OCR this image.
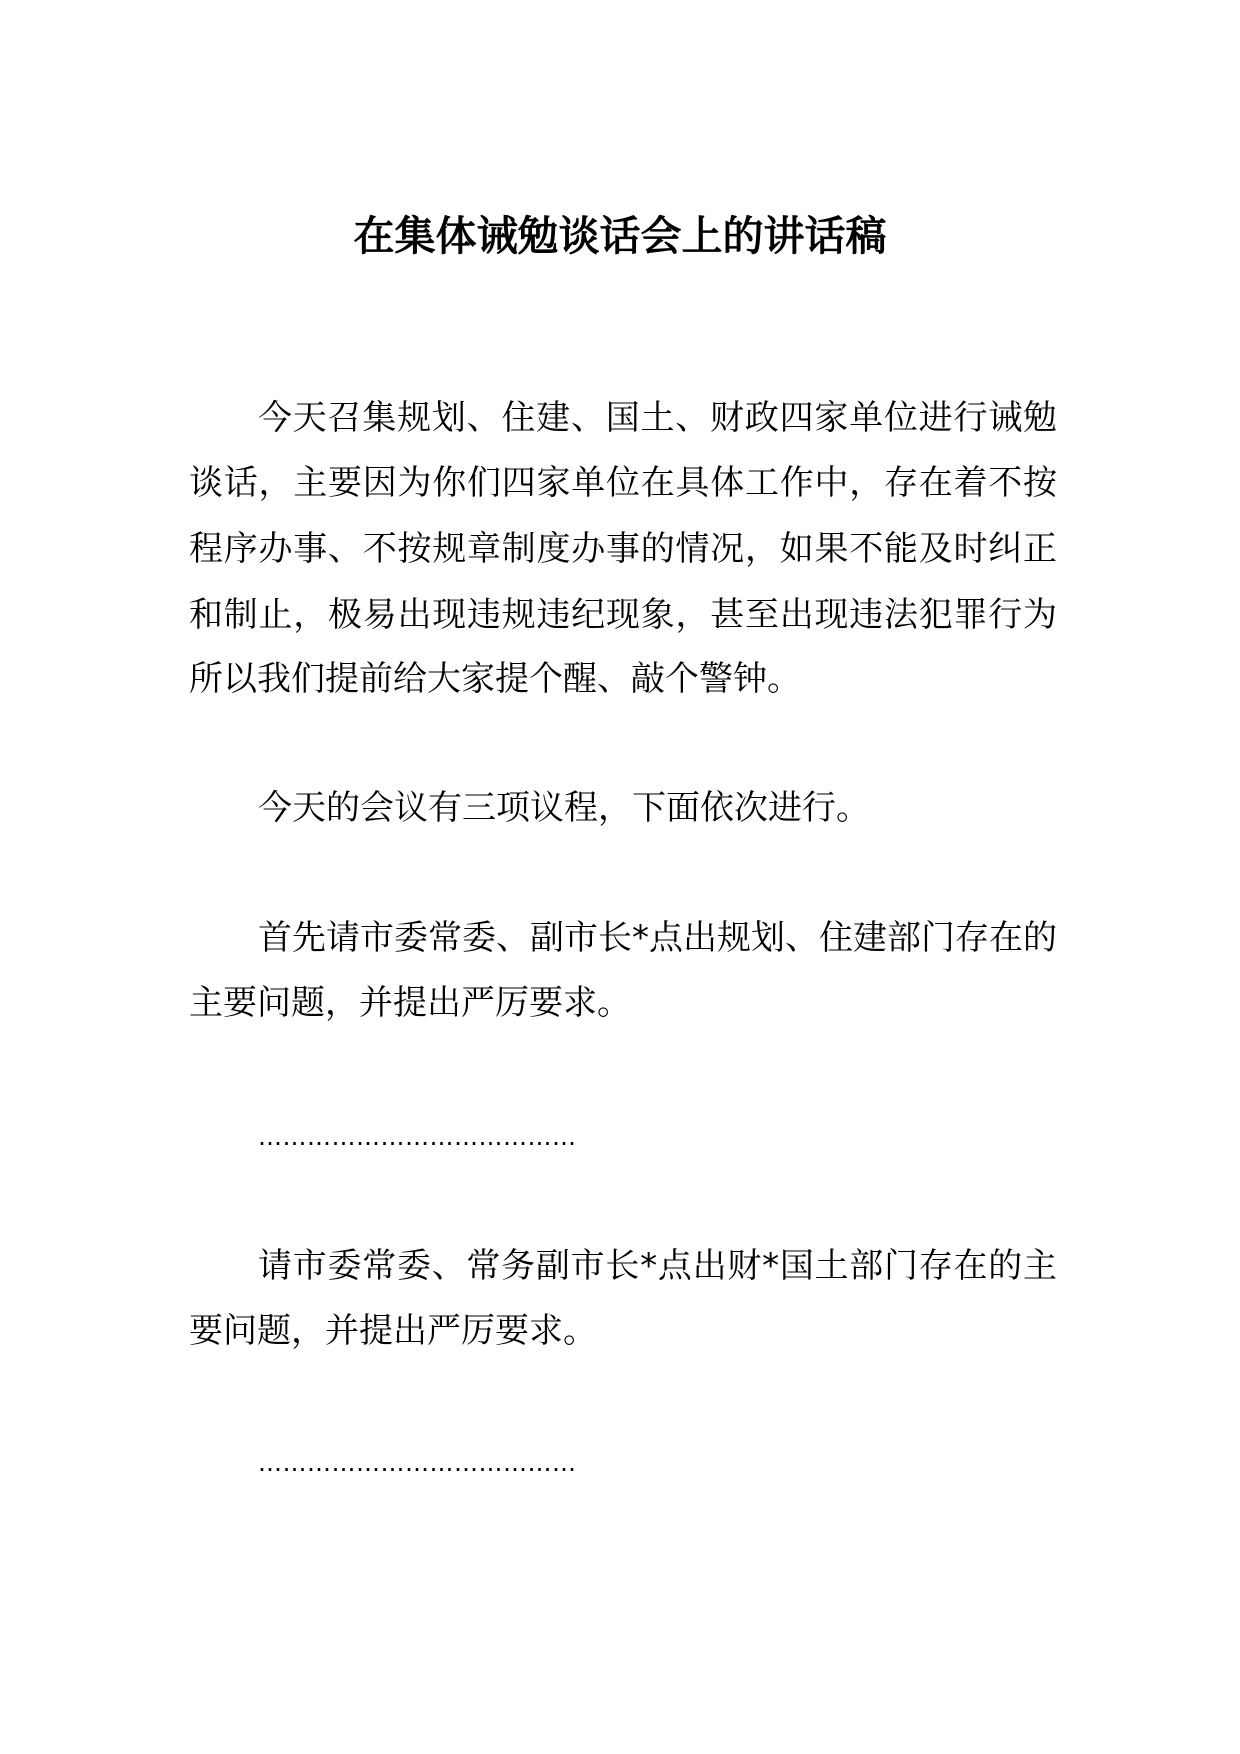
在集体诫勉谈话会上的讲话稿
今天召集规划、住建、国土、财政四家单位进行诫勉
谈话，主要因为你们四家单位在具体工作中，存在着不按
程序办事、不按规章制度办事的情况，如果不能及时纠正
和制止，极易出现违规违纪现象，甚至出现违法犯罪行为
所以我们提前给大家提个醒、敲个警钟。
今天的会议有三项议程，下面依次进行。
首先请市委常委、副市长*点出规划、住建部门存在的
主要问题，并提出严厉要求。
…………………………………
请市委常委、常务副市长*点出财*国土部门存在的主
要问题，并提出严厉要求。
…………………………………
